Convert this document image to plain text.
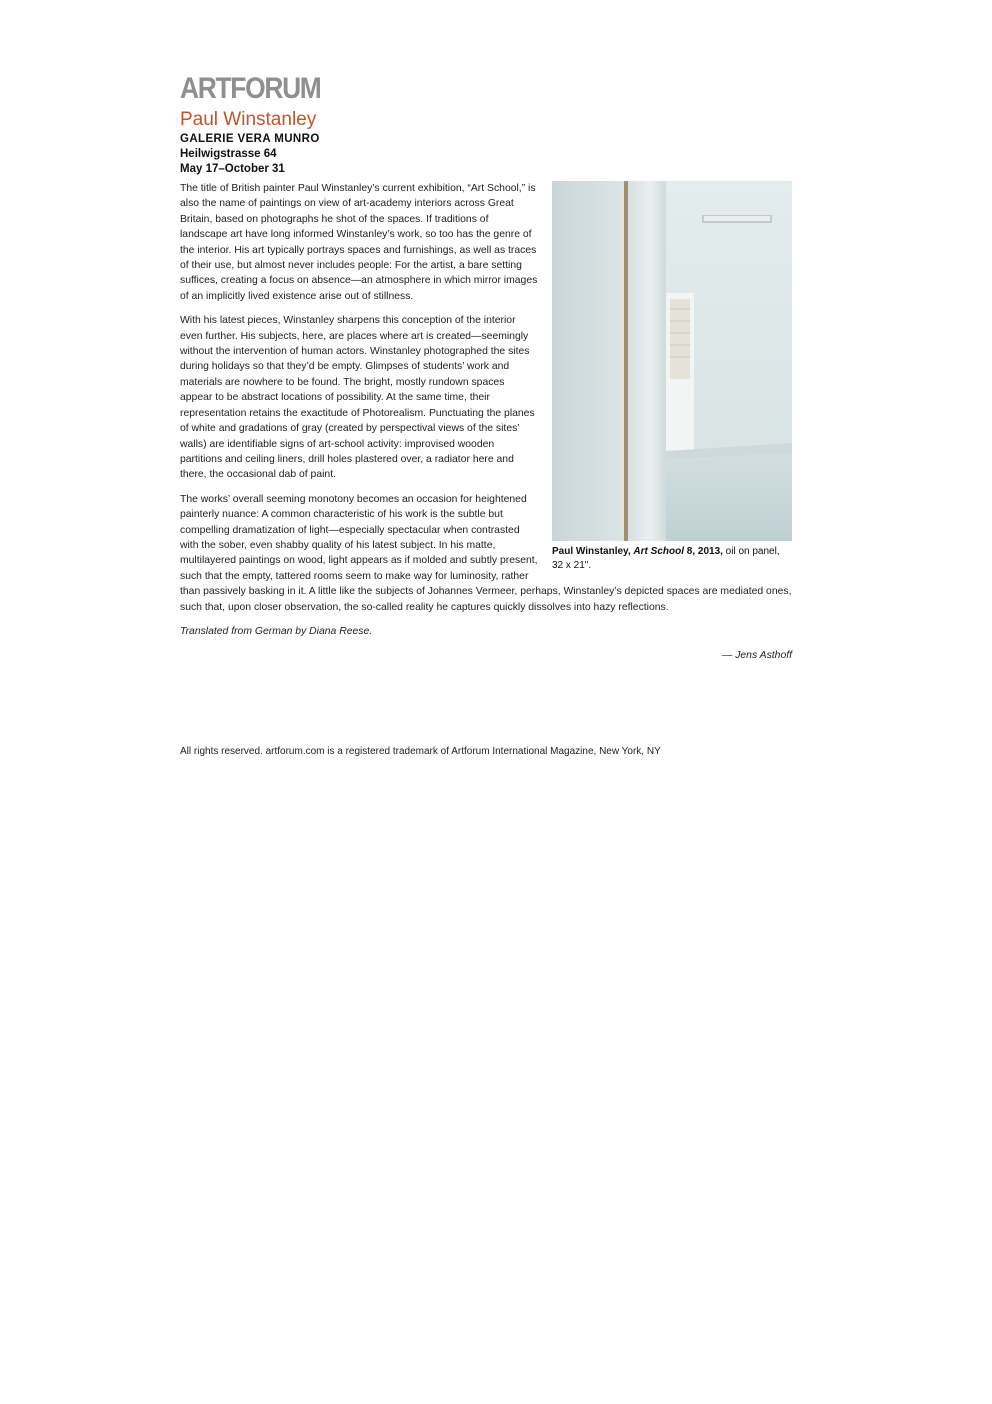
ARTFORUM
Paul Winstanley
GALERIE VERA MUNRO
Heilwigstrasse 64
May 17–October 31
Paul Winstanley, Art School 8, 2013, oil on panel, 32 x 21".

The title of British painter Paul Winstanley’s current exhibition, “Art School,” is also the name of paintings on view of art-academy interiors across Great Britain, based on photographs he shot of the spaces. If traditions of landscape art have long informed Winstanley’s work, so too has the genre of the interior. His art typically portrays spaces and furnishings, as well as traces of their use, but almost never includes people: For the artist, a bare setting suffices, creating a focus on absence—an atmosphere in which mirror images of an implicitly lived existence arise out of stillness.

With his latest pieces, Winstanley sharpens this conception of the interior even further. His subjects, here, are places where art is created—seemingly without the intervention of human actors. Winstanley photographed the sites during holidays so that they’d be empty. Glimpses of students’ work and materials are nowhere to be found. The bright, mostly rundown spaces appear to be abstract locations of possibility. At the same time, their representation retains the exactitude of Photorealism. Punctuating the planes of white and gradations of gray (created by perspectival views of the sites’ walls) are identifiable signs of art-school activity: improvised wooden partitions and ceiling liners, drill holes plastered over, a radiator here and there, the occasional dab of paint.

The works’ overall seeming monotony becomes an occasion for heightened painterly nuance: A common characteristic of his work is the subtle but compelling dramatization of light—especially spectacular when contrasted with the sober, even shabby quality of his latest subject. In his matte, multilayered paintings on wood, light appears as if molded and subtly present, such that the empty, tattered rooms seem to make way for luminosity, rather than passively basking in it. A little like the subjects of Johannes Vermeer, perhaps, Winstanley’s depicted spaces are mediated ones, such that, upon closer observation, the so-called reality he captures quickly dissolves into hazy reflections.

Translated from German by Diana Reese.

— Jens Asthoff

All rights reserved. artforum.com is a registered trademark of Artforum International Magazine, New York, NY
